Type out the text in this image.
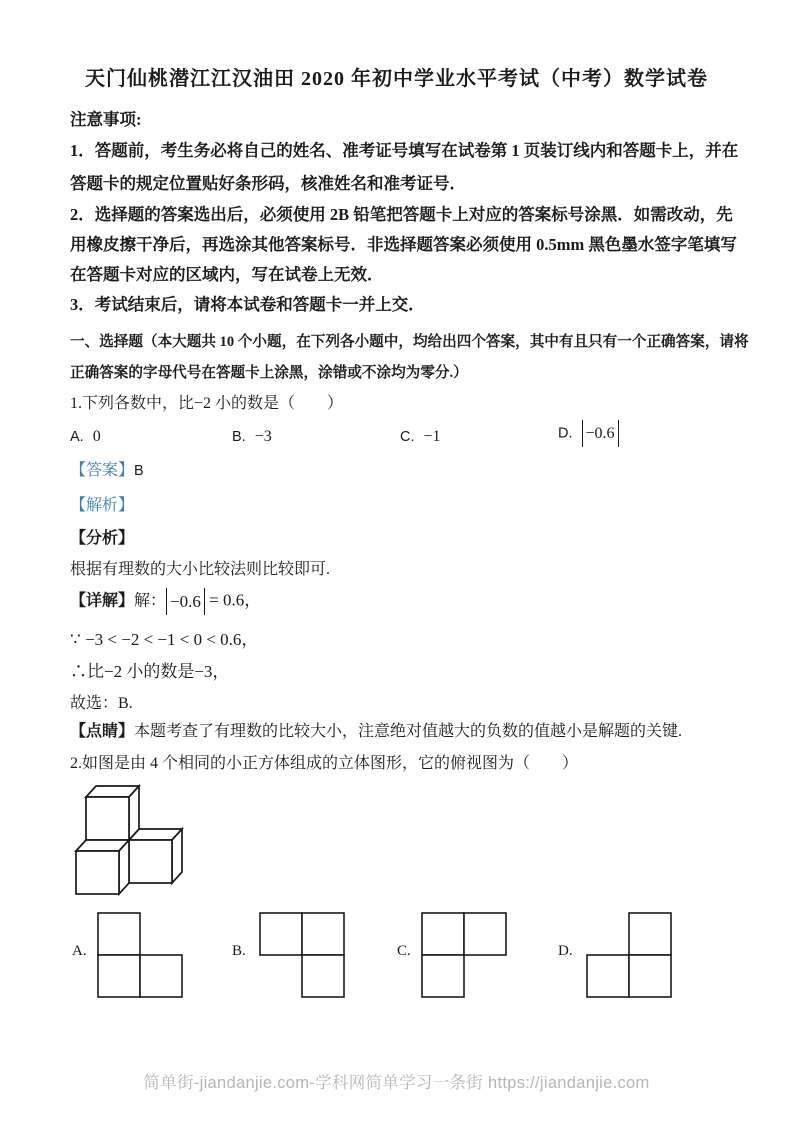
天门仙桃潜江江汉油田 2020 年初中学业水平考试（中考）数学试卷
注意事项:
1．答题前，考生务必将自己的姓名、准考证号填写在试卷第 1 页装订线内和答题卡上，并在
答题卡的规定位置贴好条形码，核准姓名和准考证号．
2．选择题的答案选出后，必须使用 2B 铅笔把答题卡上对应的答案标号涂黑．如需改动，先
用橡皮擦干净后，再选涂其他答案标号．非选择题答案必须使用 0.5mm 黑色墨水签字笔填写
在答题卡对应的区域内，写在试卷上无效．
3．考试结束后，请将本试卷和答题卡一并上交．
一、选择题（本大题共 10 个小题，在下列各小题中，均给出四个答案，其中有且只有一个正确答案，请将
正确答案的字母代号在答题卡上涂黑，涂错或不涂均为零分.）
1.下列各数中，比−2 小的数是（　　）
A. 0	B. −3	C. −1	D. −0.6
【答案】B
【解析】
【分析】
根据有理数的大小比较法则比较即可.
【详解】解： −0.6 = 0.6，
∵ −3 < −2 < −1 < 0 < 0.6，
∴比−2 小的数是−3，
故选：B.
【点睛】本题考查了有理数的比较大小，注意绝对值越大的负数的值越小是解题的关键.
2.如图是由 4 个相同的小正方体组成的立体图形，它的俯视图为（　　）
A.	B.	C.	D.
简单街-jiandanjie.com-学科网简单学习一条街 https://jiandanjie.com
